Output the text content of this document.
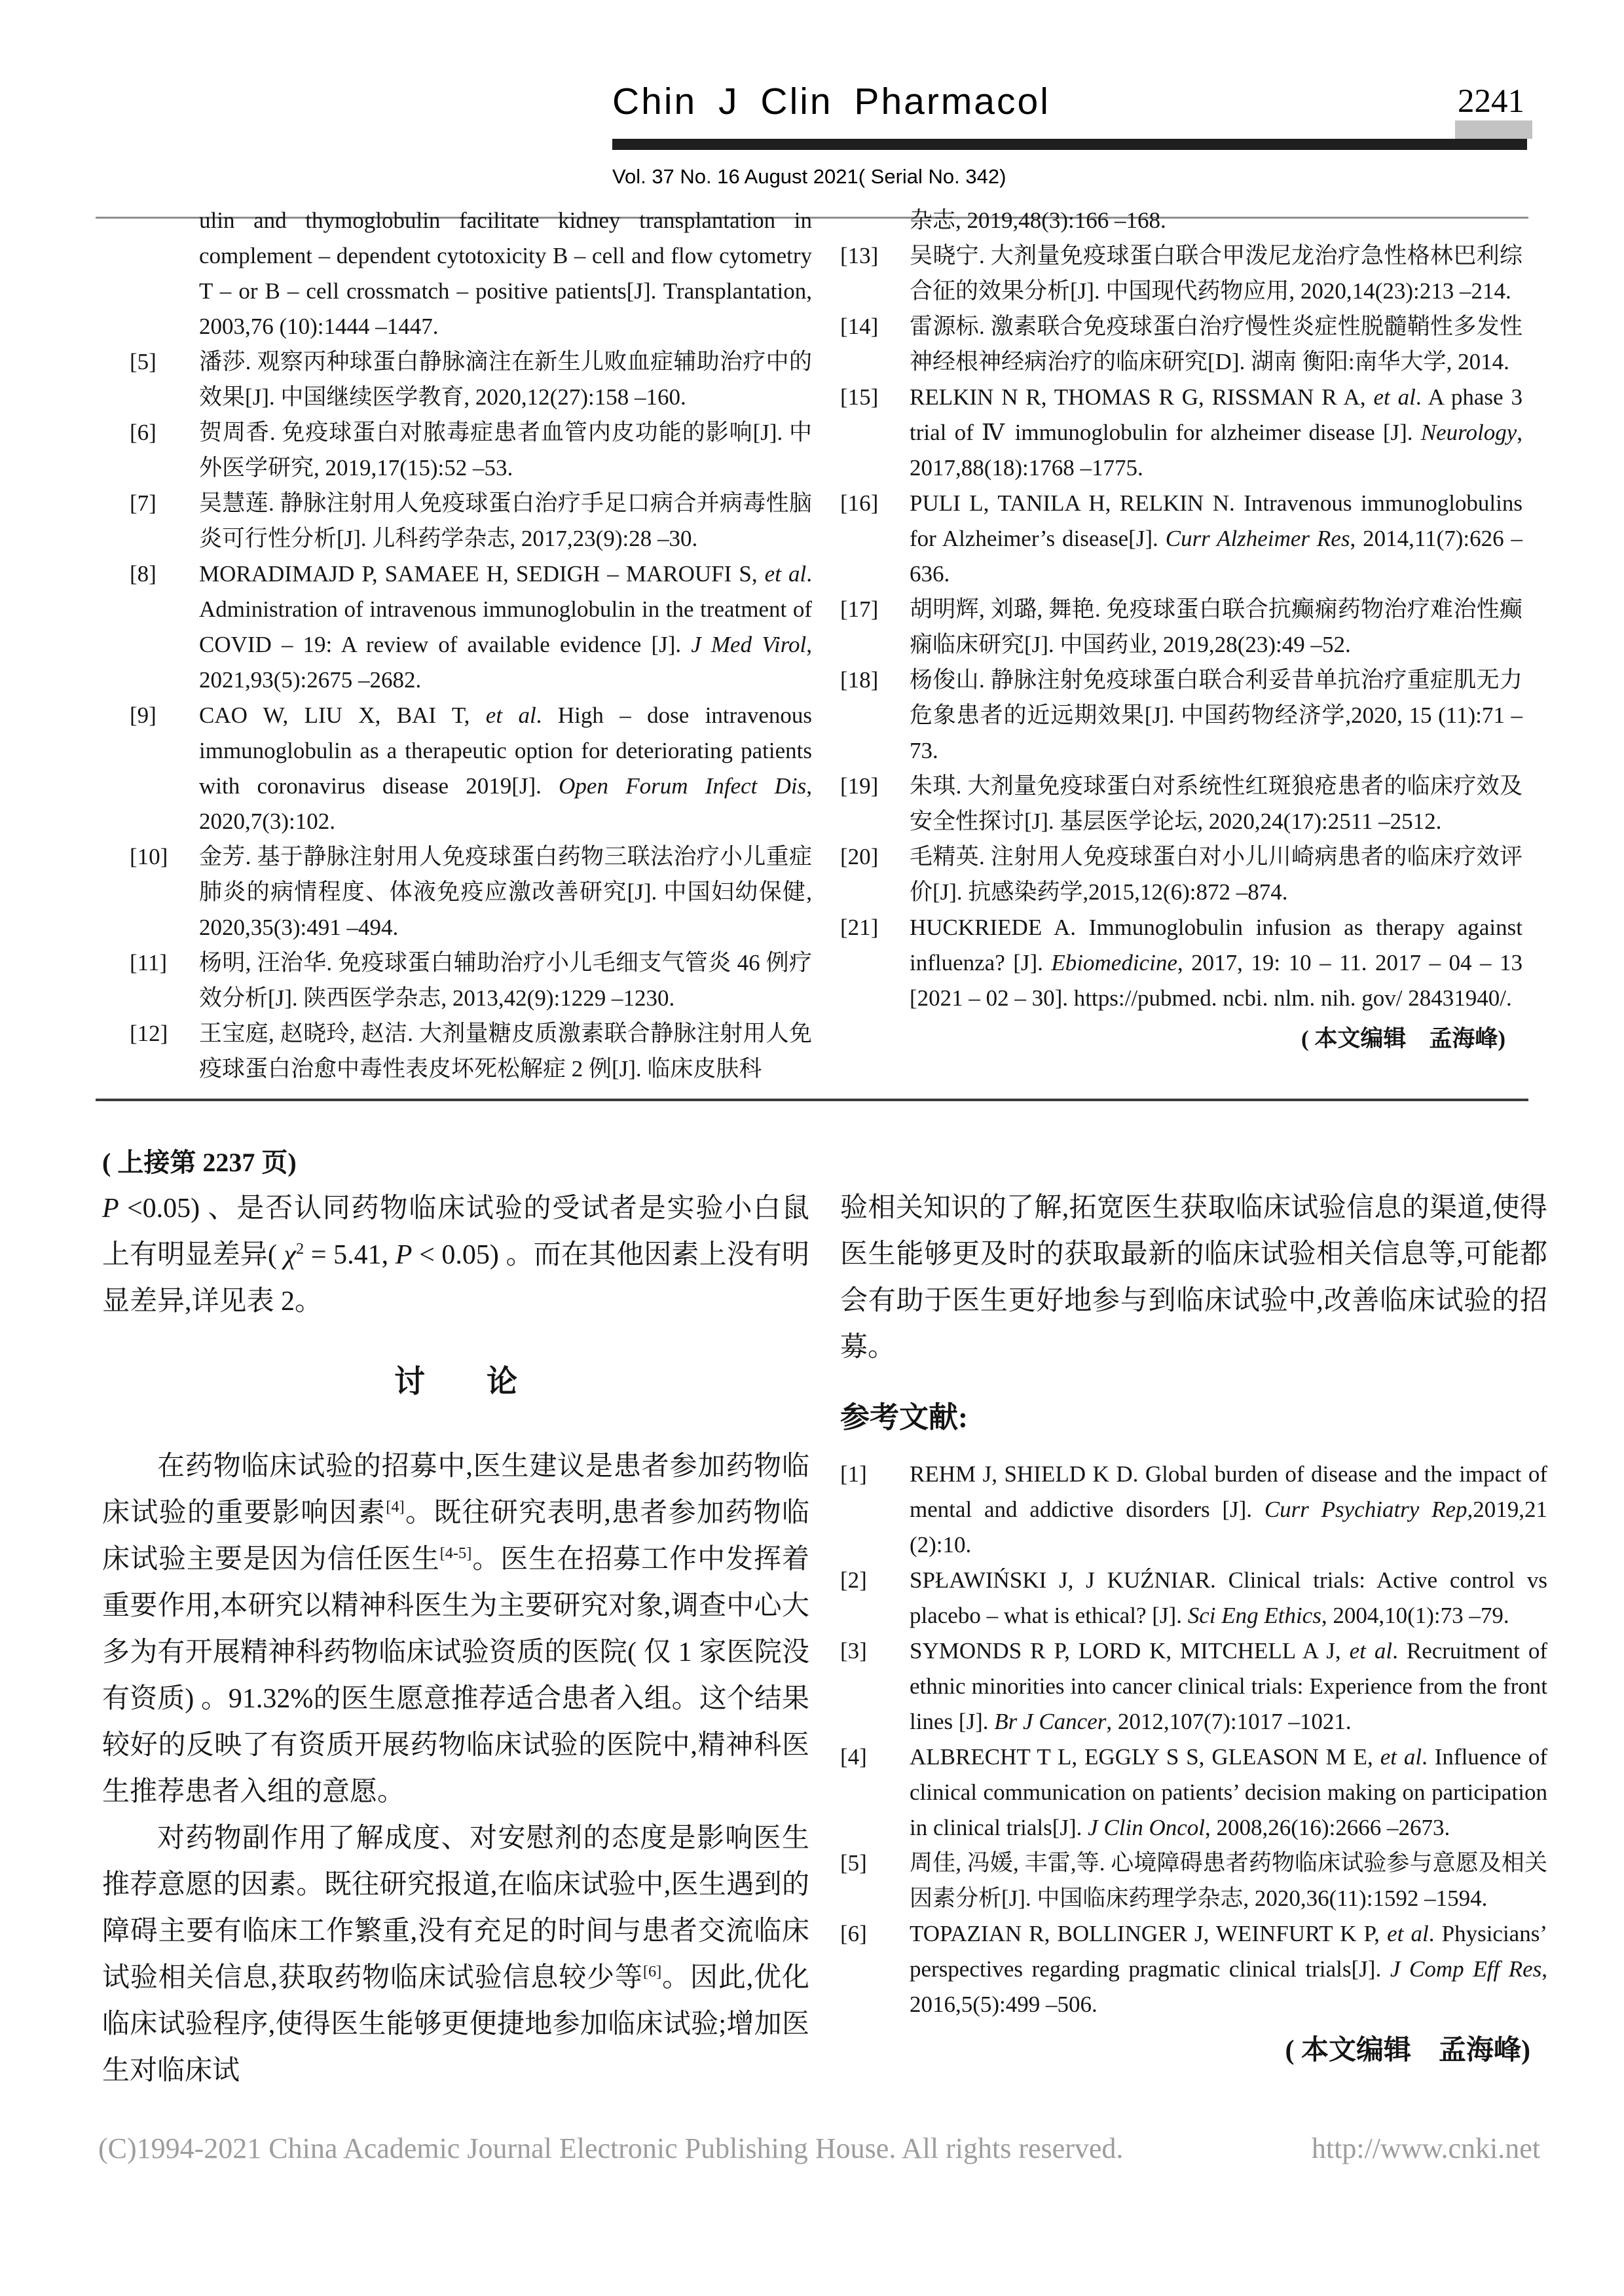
Chin J Clin Pharmacol	2241
Vol. 37 No. 16 August 2021( Serial No. 342)
ulin and thymoglobulin facilitate kidney transplantation in complement – dependent cytotoxicity B – cell and flow cytometry T – or B – cell crossmatch – positive patients[J]. Transplantation, 2003,76 (10):1444 –1447.
[5]	潘莎. 观察丙种球蛋白静脉滴注在新生儿败血症辅助治疗中的效果[J]. 中国继续医学教育, 2020,12(27):158 –160.
[6]	贺周香. 免疫球蛋白对脓毒症患者血管内皮功能的影响[J]. 中外医学研究, 2019,17(15):52 –53.
[7]	吴慧莲. 静脉注射用人免疫球蛋白治疗手足口病合并病毒性脑炎可行性分析[J]. 儿科药学杂志, 2017,23(9):28 –30.
[8]	MORADIMAJD P, SAMAEE H, SEDIGH – MAROUFI S, et al. Administration of intravenous immunoglobulin in the treatment of COVID – 19: A review of available evidence [J]. J Med Virol, 2021,93(5):2675 –2682.
[9]	CAO W, LIU X, BAI T, et al. High – dose intravenous immunoglobulin as a therapeutic option for deteriorating patients with coronavirus disease 2019[J]. Open Forum Infect Dis, 2020,7(3):102.
[10]	金芳. 基于静脉注射用人免疫球蛋白药物三联法治疗小儿重症肺炎的病情程度、体液免疫应激改善研究[J]. 中国妇幼保健, 2020,35(3):491 –494.
[11]	杨明, 汪治华. 免疫球蛋白辅助治疗小儿毛细支气管炎 46 例疗效分析[J]. 陕西医学杂志, 2013,42(9):1229 –1230.
[12]	王宝庭, 赵晓玲, 赵洁. 大剂量糖皮质激素联合静脉注射用人免疫球蛋白治愈中毒性表皮坏死松解症 2 例[J]. 临床皮肤科
杂志, 2019,48(3):166 –168.
[13]	吴晓宁. 大剂量免疫球蛋白联合甲泼尼龙治疗急性格林巴利综合征的效果分析[J]. 中国现代药物应用, 2020,14(23):213 –214.
[14]	雷源标. 激素联合免疫球蛋白治疗慢性炎症性脱髓鞘性多发性神经根神经病治疗的临床研究[D]. 湖南 衡阳:南华大学, 2014.
[15]	RELKIN N R, THOMAS R G, RISSMAN R A, et al. A phase 3 trial of Ⅳ immunoglobulin for alzheimer disease [J]. Neurology, 2017,88(18):1768 –1775.
[16]	PULI L, TANILA H, RELKIN N. Intravenous immunoglobulins for Alzheimer’s disease[J]. Curr Alzheimer Res, 2014,11(7):626 –636.
[17]	胡明辉, 刘璐, 舞艳. 免疫球蛋白联合抗癫痫药物治疗难治性癫痫临床研究[J]. 中国药业, 2019,28(23):49 –52.
[18]	杨俊山. 静脉注射免疫球蛋白联合利妥昔单抗治疗重症肌无力危象患者的近远期效果[J]. 中国药物经济学,2020, 15 (11):71 –73.
[19]	朱琪. 大剂量免疫球蛋白对系统性红斑狼疮患者的临床疗效及安全性探讨[J]. 基层医学论坛, 2020,24(17):2511 –2512.
[20]	毛精英. 注射用人免疫球蛋白对小儿川崎病患者的临床疗效评价[J]. 抗感染药学,2015,12(6):872 –874.
[21]	HUCKRIEDE A. Immunoglobulin infusion as therapy against influenza? [J]. Ebiomedicine, 2017, 19: 10 – 11. 2017 – 04 – 13 [2021 – 02 – 30]. https://pubmed. ncbi. nlm. nih. gov/ 28431940/.
( 本文编辑　孟海峰)
( 上接第 2237 页)
P <0.05) 、是否认同药物临床试验的受试者是实验小白鼠上有明显差异( $\chi^2 = 5.41$, P < 0.05) 。而在其他因素上没有明显差异,详见表 2。
讨　　论
在药物临床试验的招募中,医生建议是患者参加药物临床试验的重要影响因素[4]。既往研究表明,患者参加药物临床试验主要是因为信任医生[4-5]。医生在招募工作中发挥着重要作用,本研究以精神科医生为主要研究对象,调查中心大多为有开展精神科药物临床试验资质的医院( 仅 1 家医院没有资质) 。91.32%的医生愿意推荐适合患者入组。这个结果较好的反映了有资质开展药物临床试验的医院中,精神科医生推荐患者入组的意愿。
对药物副作用了解成度、对安慰剂的态度是影响医生推荐意愿的因素。既往研究报道,在临床试验中,医生遇到的障碍主要有临床工作繁重,没有充足的时间与患者交流临床试验相关信息,获取药物临床试验信息较少等[6]。因此,优化临床试验程序,使得医生能够更便捷地参加临床试验;增加医生对临床试
验相关知识的了解,拓宽医生获取临床试验信息的渠道,使得医生能够更及时的获取最新的临床试验相关信息等,可能都会有助于医生更好地参与到临床试验中,改善临床试验的招募。
参考文献:
[1]	REHM J, SHIELD K D. Global burden of disease and the impact of mental and addictive disorders [J]. Curr Psychiatry Rep,2019,21 (2):10.
[2]	SPŁAWIŃSKI J, J KUŹNIAR. Clinical trials: Active control vs placebo – what is ethical? [J]. Sci Eng Ethics, 2004,10(1):73 –79.
[3]	SYMONDS R P, LORD K, MITCHELL A J, et al. Recruitment of ethnic minorities into cancer clinical trials: Experience from the front lines [J]. Br J Cancer, 2012,107(7):1017 –1021.
[4]	ALBRECHT T L, EGGLY S S, GLEASON M E, et al. Influence of clinical communication on patients’ decision making on participation in clinical trials[J]. J Clin Oncol, 2008,26(16):2666 –2673.
[5]	周佳, 冯媛, 丰雷,等. 心境障碍患者药物临床试验参与意愿及相关因素分析[J]. 中国临床药理学杂志, 2020,36(11):1592 –1594.
[6]	TOPAZIAN R, BOLLINGER J, WEINFURT K P, et al. Physicians’ perspectives regarding pragmatic clinical trials[J]. J Comp Eff Res, 2016,5(5):499 –506.
( 本文编辑　孟海峰)
(C)1994-2021 China Academic Journal Electronic Publishing House. All rights reserved.	http://www.cnki.net
